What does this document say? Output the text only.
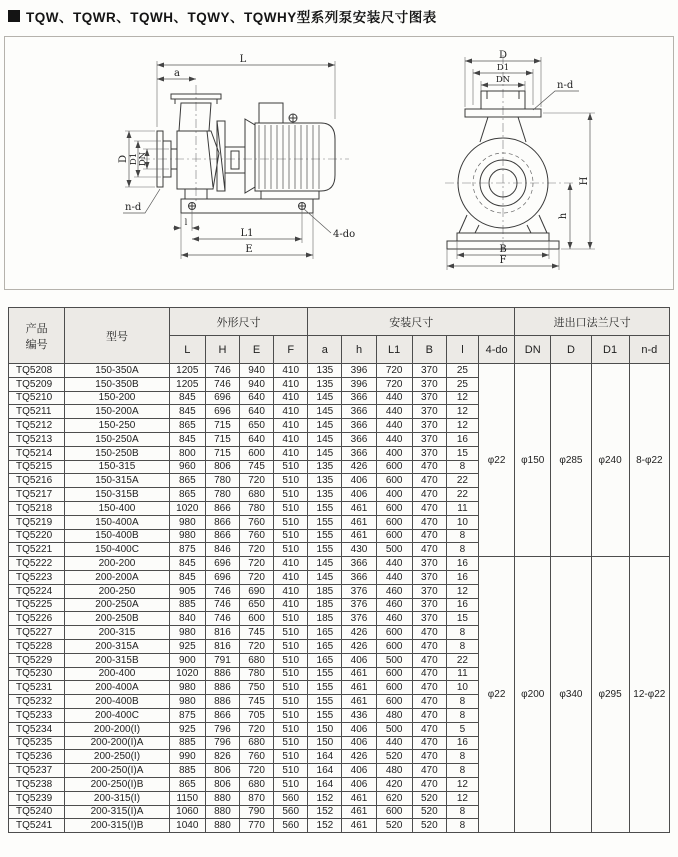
TQW、TQWR、TQWH、TQWY、TQWHY型系列泵安装尺寸图表
L
a
D D1 DN
n-d
l
L1	4-do
E
D
D1
DN	n-d
H
h
B
F
产品
编号	型号	外形尺寸				安装尺寸						进出口法兰尺寸			
		L	H	E	F	a	h	L1	B	l	4-do	DN	D	D1	n-d
TQ5208	150-350A	1205	746	940	410	135	396	720	370	25	φ22	φ150	φ285	φ240	8-φ22
TQ5209	150-350B	1205	746	940	410	135	396	720	370	25					
TQ5210	150-200	845	696	640	410	145	366	440	370	12					
TQ5211	150-200A	845	696	640	410	145	366	440	370	12					
TQ5212	150-250	865	715	650	410	145	366	440	370	12					
TQ5213	150-250A	845	715	640	410	145	366	440	370	16					
TQ5214	150-250B	800	715	600	410	145	366	400	370	15					
TQ5215	150-315	960	806	745	510	135	426	600	470	8					
TQ5216	150-315A	865	780	720	510	135	406	600	470	22					
TQ5217	150-315B	865	780	680	510	135	406	400	470	22					
TQ5218	150-400	1020	866	780	510	155	461	600	470	11					
TQ5219	150-400A	980	866	760	510	155	461	600	470	10					
TQ5220	150-400B	980	866	760	510	155	461	600	470	8					
TQ5221	150-400C	875	846	720	510	155	430	500	470	8					
TQ5222	200-200	845	696	720	410	145	366	440	370	16	φ22	φ200	φ340	φ295	12-φ22
TQ5223	200-200A	845	696	720	410	145	366	440	370	16					
TQ5224	200-250	905	746	690	410	185	376	460	370	12					
TQ5225	200-250A	885	746	650	410	185	376	460	370	16					
TQ5226	200-250B	840	746	600	510	185	376	460	370	15					
TQ5227	200-315	980	816	745	510	165	426	600	470	8					
TQ5228	200-315A	925	816	720	510	165	426	600	470	8					
TQ5229	200-315B	900	791	680	510	165	406	500	470	22					
TQ5230	200-400	1020	886	780	510	155	461	600	470	11					
TQ5231	200-400A	980	886	750	510	155	461	600	470	10					
TQ5232	200-400B	980	886	745	510	155	461	600	470	8					
TQ5233	200-400C	875	866	705	510	155	436	480	470	8					
TQ5234	200-200(I)	925	796	720	510	150	406	500	470	5					
TQ5235	200-200(I)A	885	796	680	510	150	406	440	470	16					
TQ5236	200-250(I)	990	826	760	510	164	426	520	470	8					
TQ5237	200-250(I)A	885	806	720	510	164	406	480	470	8					
TQ5238	200-250(I)B	865	806	680	510	164	406	420	470	12					
TQ5239	200-315(I)	1150	880	870	560	152	461	620	520	12					
TQ5240	200-315(I)A	1060	880	790	560	152	461	600	520	8					
TQ5241	200-315(I)B	1040	880	770	560	152	461	520	520	8					
